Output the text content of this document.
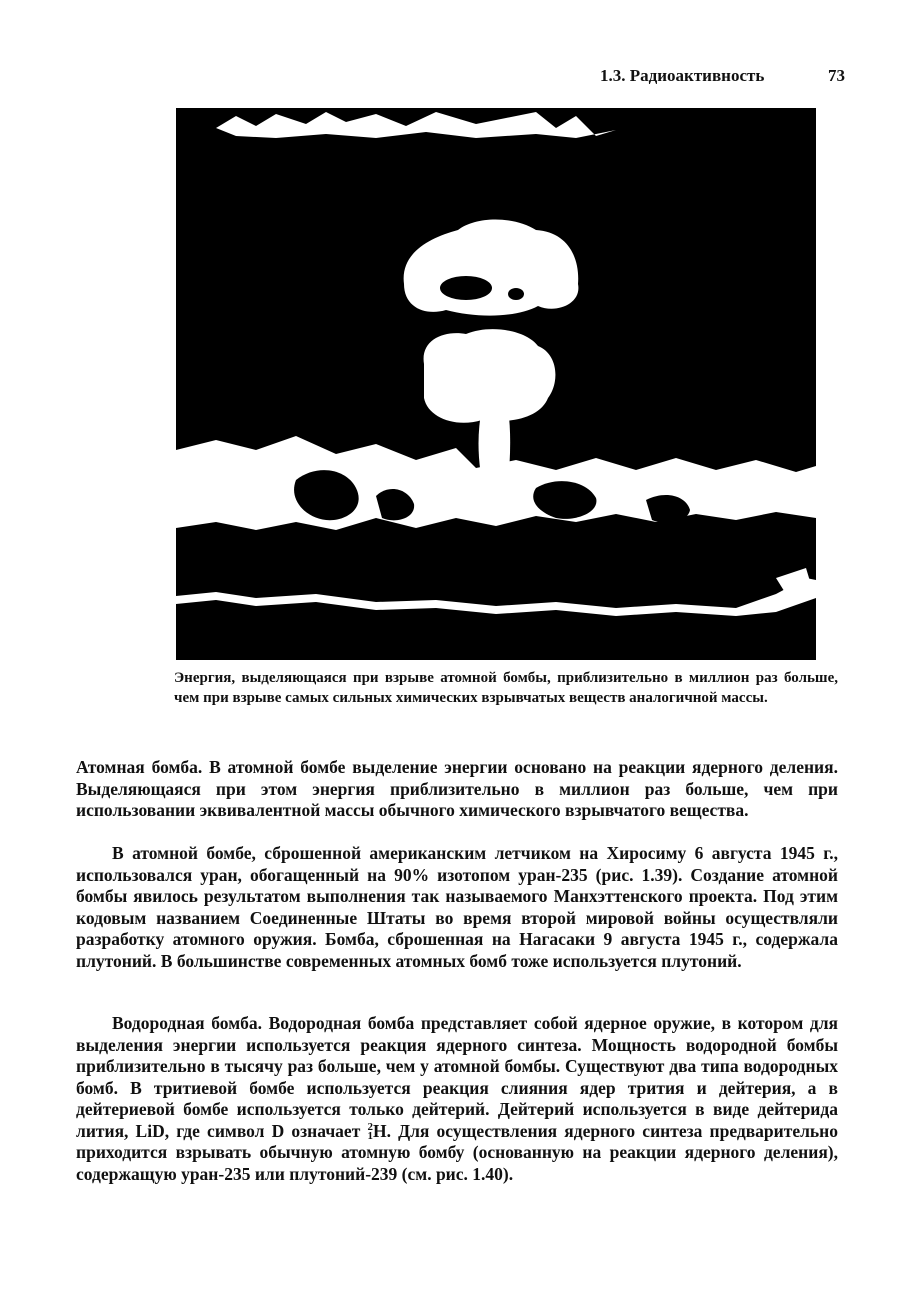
1.3. Радиоактивность	73
Энергия, выделяющаяся при взрыве атомной бомбы, приблизительно в миллион раз больше, чем при взрыве самых сильных химических взрывчатых веществ аналогичной массы.
Атомная бомба. В атомной бомбе выделение энергии основано на реакции ядерного деления. Выделяющаяся при этом энергия приблизительно в миллион раз больше, чем при использовании эквивалентной массы обычного химического взрывчатого вещества.
В атомной бомбе, сброшенной американским летчиком на Хиросиму 6 августа 1945 г., использовался уран, обогащенный на 90% изотопом уран-235 (рис. 1.39). Создание атомной бомбы явилось результатом выполнения так называемого Манхэттенского проекта. Под этим кодовым названием Соединенные Штаты во время второй мировой войны осуществляли разработку атомного оружия. Бомба, сброшенная на Нагасаки 9 августа 1945 г., содержала плутоний. В большинстве современных атомных бомб тоже используется плутоний.
Водородная бомба. Водородная бомба представляет собой ядерное оружие, в котором для выделения энергии используется реакция ядерного синтеза. Мощность водородной бомбы приблизительно в тысячу раз больше, чем у атомной бомбы. Существуют два типа водородных бомб. В тритиевой бомбе используется реакция слияния ядер трития и дейтерия, а в дейтериевой бомбе используется только дейтерий. Дейтерий используется в виде дейтерида лития, LiD, где символ D означает 2
1 H. Для осуществления ядерного синтеза предварительно приходится взрывать обычную атомную бомбу (основанную на реакции ядерного деления), содержащую уран-235 или плутоний-239 (см. рис. 1.40).
